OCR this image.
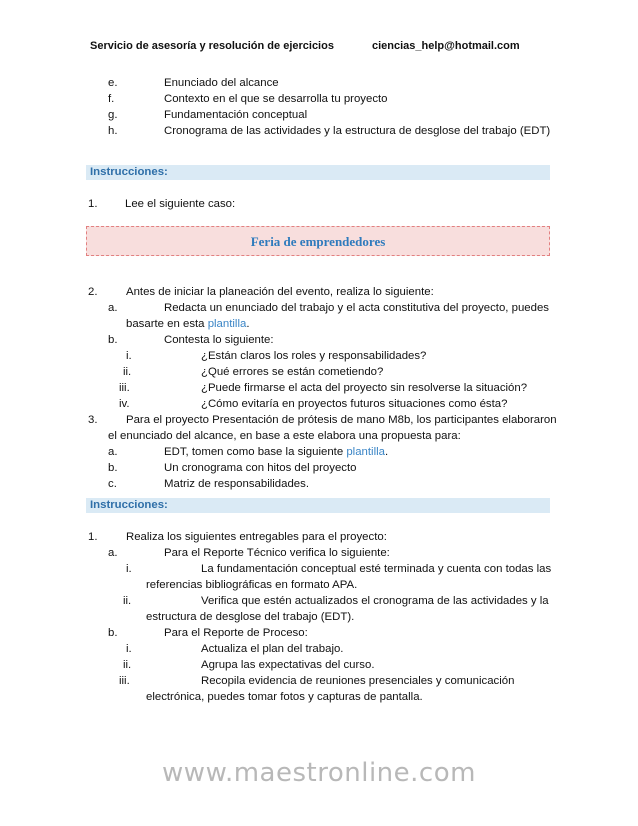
Servicio de asesoría y resolución de ejercicios	ciencias_help@hotmail.com
e.	Enunciado del alcance
f.	Contexto en el que se desarrolla tu proyecto
g.	Fundamentación conceptual
h.	Cronograma de las actividades y la estructura de desglose del trabajo (EDT)
Instrucciones:
1. Lee el siguiente caso:
Feria de emprendedores
2.	Antes de iniciar la planeación del evento, realiza lo siguiente:
a.	Redacta un enunciado del trabajo y el acta constitutiva del proyecto, puedes
basarte en esta plantilla.
b.	Contesta lo siguiente:
i.	¿Están claros los roles y responsabilidades?
ii.	¿Qué errores se están cometiendo?
iii.	¿Puede firmarse el acta del proyecto sin resolverse la situación?
iv.	¿Cómo evitaría en proyectos futuros situaciones como ésta?
3.	Para el proyecto Presentación de prótesis de mano M8b, los participantes elaboraron
el enunciado del alcance, en base a este elabora una propuesta para:
a.	EDT, tomen como base la siguiente plantilla.
b.	Un cronograma con hitos del proyecto
c.	Matriz de responsabilidades.
Instrucciones:
1.	Realiza los siguientes entregables para el proyecto:
a.	Para el Reporte Técnico verifica lo siguiente:
i.	La fundamentación conceptual esté terminada y cuenta con todas las
referencias bibliográficas en formato APA.
ii.	Verifica que estén actualizados el cronograma de las actividades y la
estructura de desglose del trabajo (EDT).
b.	Para el Reporte de Proceso:
i.	Actualiza el plan del trabajo.
ii.	Agrupa las expectativas del curso.
iii.	Recopila evidencia de reuniones presenciales y comunicación
electrónica, puedes tomar fotos y capturas de pantalla.
www.maestronline.com
